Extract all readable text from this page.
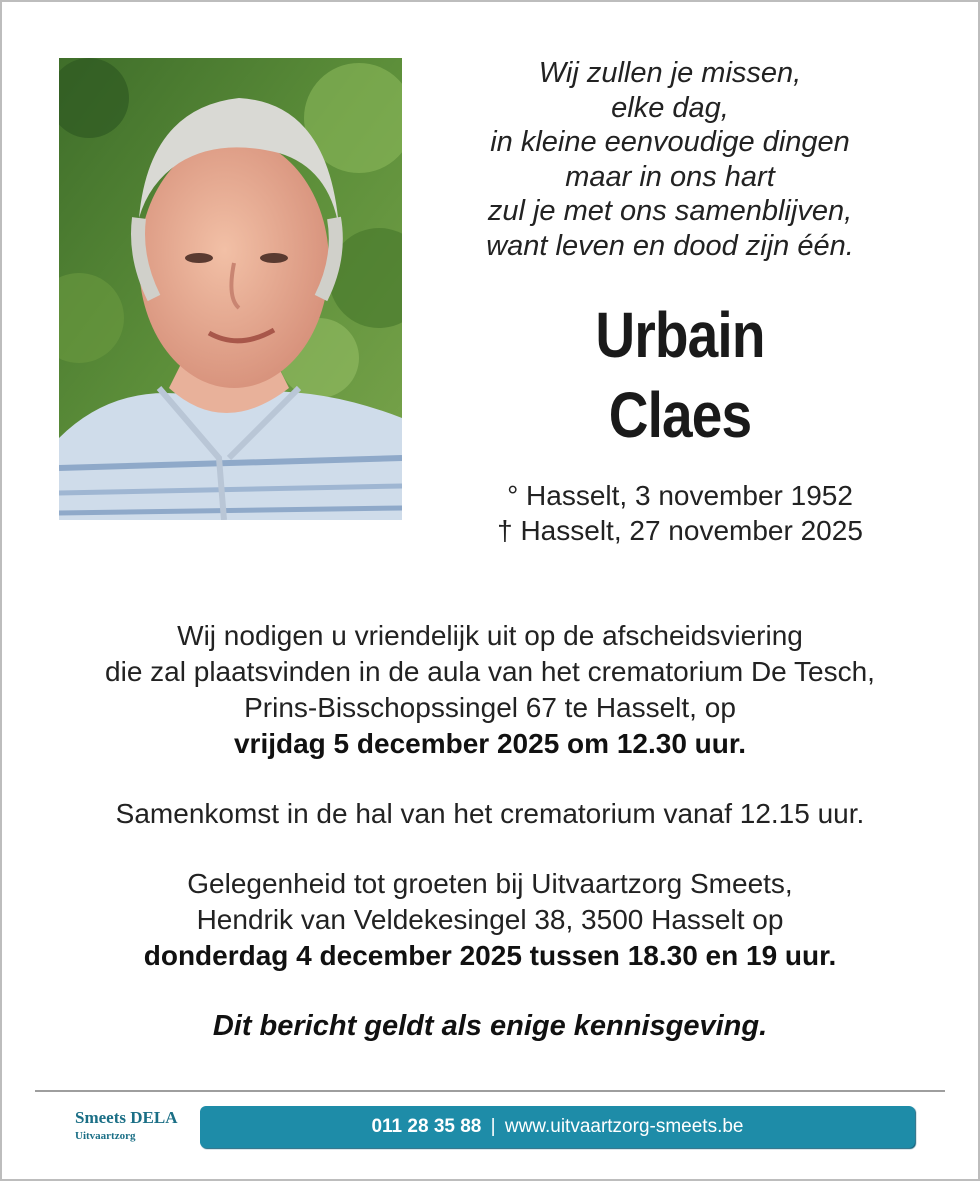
Wij zullen je missen,
elke dag,
in kleine eenvoudige dingen
maar in ons hart
zul je met ons samenblijven,
want leven en dood zijn één.
Urbain
Claes
° Hasselt, 3 november 1952
† Hasselt, 27 november 2025
Wij nodigen u vriendelijk uit op de afscheidsviering
die zal plaatsvinden in de aula van het crematorium De Tesch,
Prins-Bisschopssingel 67 te Hasselt, op
vrijdag 5 december 2025 om 12.30 uur.
Samenkomst in de hal van het crematorium vanaf 12.15 uur.
Gelegenheid tot groeten bij Uitvaartzorg Smeets,
Hendrik van Veldekesingel 38, 3500 Hasselt op
donderdag 4 december 2025 tussen 18.30 en 19 uur.
Dit bericht geldt als enige kennisgeving.
Smeets DELA
Uitvaartzorg	011 28 35 88 | www.uitvaartzorg-smeets.be
